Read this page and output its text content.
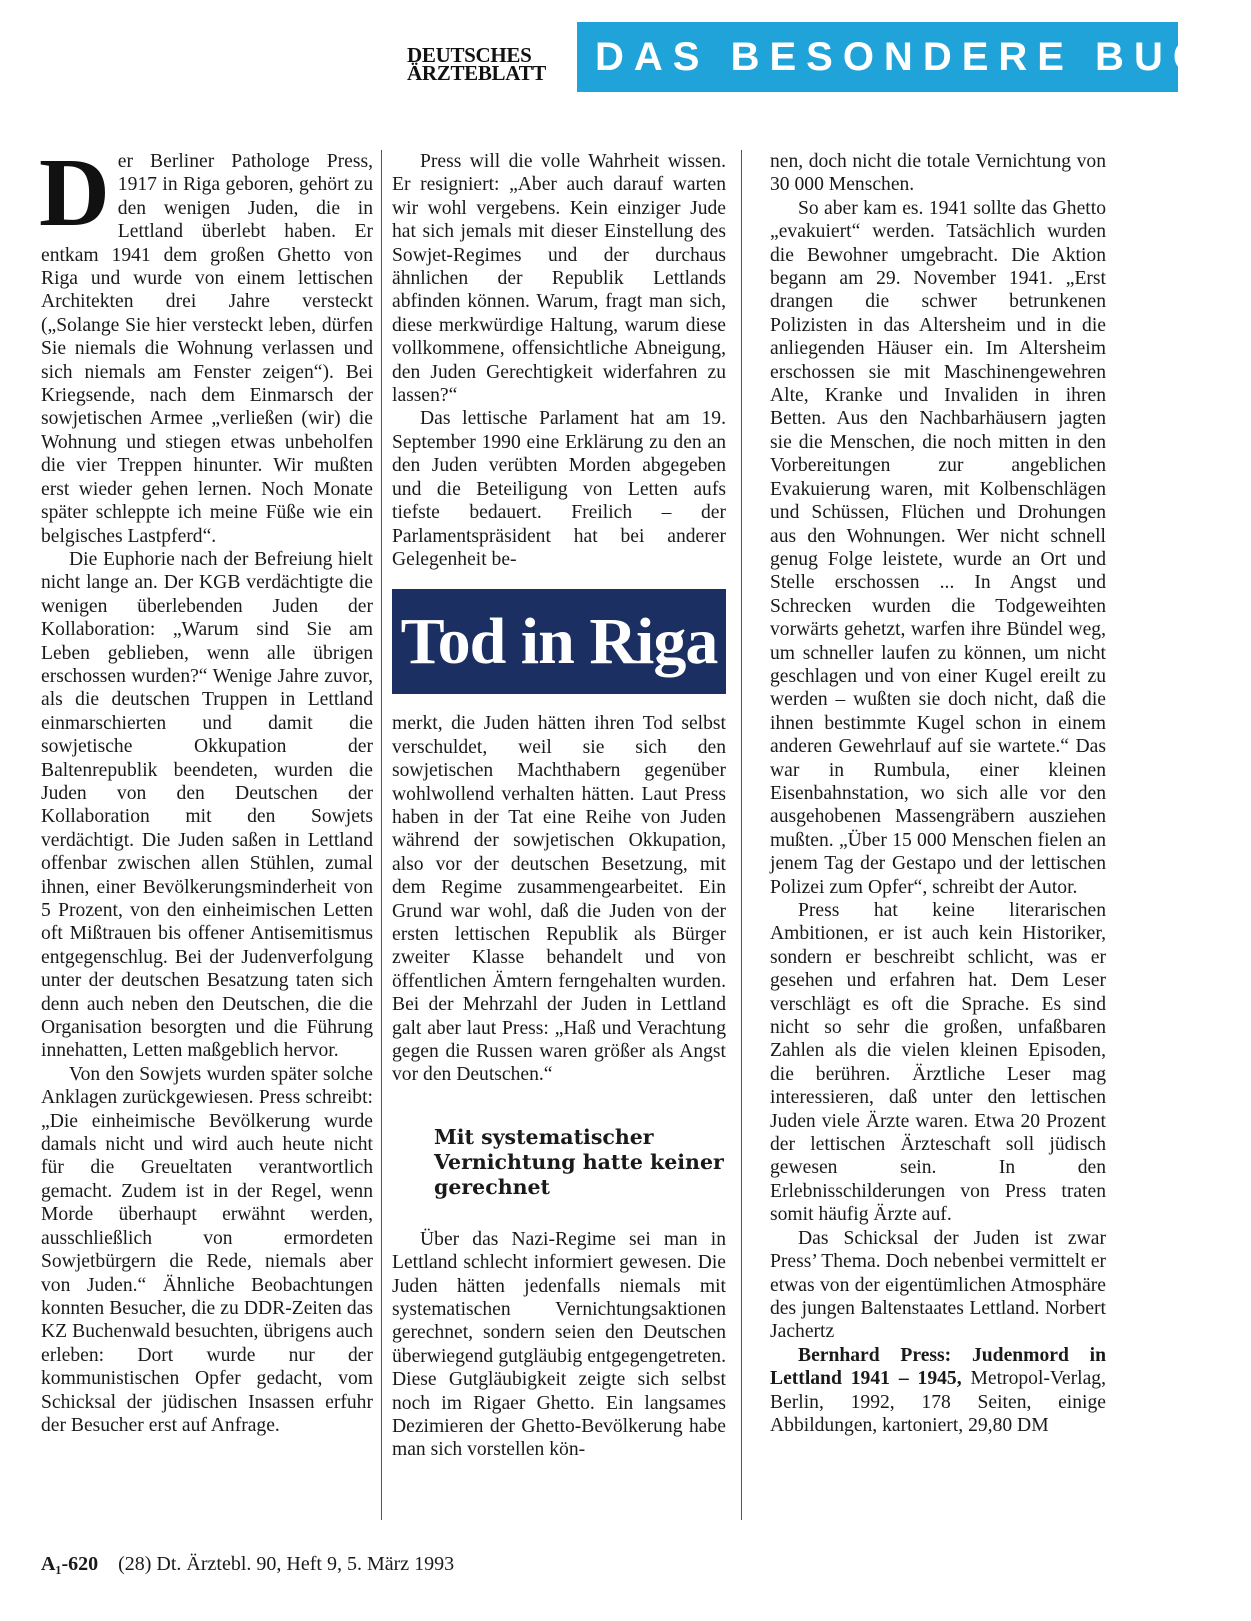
DEUTSCHES
ÄRZTEBLATT	DAS BESONDERE BUCH

Der Berliner Pathologe Press, 1917 in Riga geboren, gehört zu den wenigen Juden, die in Lettland überlebt haben. Er entkam 1941 dem großen Ghetto von Riga und wurde von einem lettischen Architekten drei Jahre versteckt („Solange Sie hier versteckt leben, dürfen Sie niemals die Wohnung verlassen und sich niemals am Fenster zeigen“). Bei Kriegsende, nach dem Einmarsch der sowjetischen Armee „verließen (wir) die Wohnung und stiegen etwas unbeholfen die vier Treppen hinunter. Wir mußten erst wieder gehen lernen. Noch Monate später schleppte ich meine Füße wie ein belgisches Lastpferd“.

Die Euphorie nach der Befreiung hielt nicht lange an. Der KGB verdächtigte die wenigen überlebenden Juden der Kollaboration: „Warum sind Sie am Leben geblieben, wenn alle übrigen erschossen wurden?“ Wenige Jahre zuvor, als die deutschen Truppen in Lettland einmarschierten und damit die sowjetische Okkupation der Baltenrepublik beendeten, wurden die Juden von den Deutschen der Kollaboration mit den Sowjets verdächtigt. Die Juden saßen in Lettland offenbar zwischen allen Stühlen, zumal ihnen, einer Bevölkerungsminderheit von 5 Prozent, von den einheimischen Letten oft Mißtrauen bis offener Antisemitismus entgegenschlug. Bei der Judenverfolgung unter der deutschen Besatzung taten sich denn auch neben den Deutschen, die die Organisation besorgten und die Führung innehatten, Letten maßgeblich hervor.

Von den Sowjets wurden später solche Anklagen zurückgewiesen. Press schreibt: „Die einheimische Bevölkerung wurde damals nicht und wird auch heute nicht für die Greueltaten verantwortlich gemacht. Zudem ist in der Regel, wenn Morde überhaupt erwähnt werden, ausschließlich von ermordeten Sowjetbürgern die Rede, niemals aber von Juden.“ Ähnliche Beobachtungen konnten Besucher, die zu DDR-Zeiten das KZ Buchenwald besuchten, übrigens auch erleben: Dort wurde nur der kommunistischen Opfer gedacht, vom Schicksal der jüdischen Insassen erfuhr der Besucher erst auf Anfrage.

Press will die volle Wahrheit wissen. Er resigniert: „Aber auch darauf warten wir wohl vergebens. Kein einziger Jude hat sich jemals mit dieser Einstellung des Sowjet-Regimes und der durchaus ähnlichen der Republik Lettlands abfinden können. Warum, fragt man sich, diese merkwürdige Haltung, warum diese vollkommene, offensichtliche Abneigung, den Juden Gerechtigkeit widerfahren zu lassen?“

Das lettische Parlament hat am 19. September 1990 eine Erklärung zu den an den Juden verübten Morden abgegeben und die Beteiligung von Letten aufs tiefste bedauert. Freilich – der Parlamentspräsident hat bei anderer Gelegenheit be-

Tod in Riga

merkt, die Juden hätten ihren Tod selbst verschuldet, weil sie sich den sowjetischen Machthabern gegenüber wohlwollend verhalten hätten. Laut Press haben in der Tat eine Reihe von Juden während der sowjetischen Okkupation, also vor der deutschen Besetzung, mit dem Regime zusammengearbeitet. Ein Grund war wohl, daß die Juden von der ersten lettischen Republik als Bürger zweiter Klasse behandelt und von öffentlichen Ämtern ferngehalten wurden. Bei der Mehrzahl der Juden in Lettland galt aber laut Press: „Haß und Verachtung gegen die Russen waren größer als Angst vor den Deutschen.“

Mit systematischer Vernichtung hatte keiner gerechnet

Über das Nazi-Regime sei man in Lettland schlecht informiert gewesen. Die Juden hätten jedenfalls niemals mit systematischen Vernichtungsaktionen gerechnet, sondern seien den Deutschen überwiegend gutgläubig entgegengetreten. Diese Gutgläubigkeit zeigte sich selbst noch im Rigaer Ghetto. Ein langsames Dezimieren der Ghetto-Bevölkerung habe man sich vorstellen kön-

nen, doch nicht die totale Vernichtung von 30 000 Menschen.

So aber kam es. 1941 sollte das Ghetto „evakuiert“ werden. Tatsächlich wurden die Bewohner umgebracht. Die Aktion begann am 29. November 1941. „Erst drangen die schwer betrunkenen Polizisten in das Altersheim und in die anliegenden Häuser ein. Im Altersheim erschossen sie mit Maschinengewehren Alte, Kranke und Invaliden in ihren Betten. Aus den Nachbarhäusern jagten sie die Menschen, die noch mitten in den Vorbereitungen zur angeblichen Evakuierung waren, mit Kolbenschlägen und Schüssen, Flüchen und Drohungen aus den Wohnungen. Wer nicht schnell genug Folge leistete, wurde an Ort und Stelle erschossen ... In Angst und Schrecken wurden die Todgeweihten vorwärts gehetzt, warfen ihre Bündel weg, um schneller laufen zu können, um nicht geschlagen und von einer Kugel ereilt zu werden – wußten sie doch nicht, daß die ihnen bestimmte Kugel schon in einem anderen Gewehrlauf auf sie wartete.“ Das war in Rumbula, einer kleinen Eisenbahnstation, wo sich alle vor den ausgehobenen Massengräbern ausziehen mußten. „Über 15 000 Menschen fielen an jenem Tag der Gestapo und der lettischen Polizei zum Opfer“, schreibt der Autor.

Press hat keine literarischen Ambitionen, er ist auch kein Historiker, sondern er beschreibt schlicht, was er gesehen und erfahren hat. Dem Leser verschlägt es oft die Sprache. Es sind nicht so sehr die großen, unfaßbaren Zahlen als die vielen kleinen Episoden, die berühren. Ärztliche Leser mag interessieren, daß unter den lettischen Juden viele Ärzte waren. Etwa 20 Prozent der lettischen Ärzteschaft soll jüdisch gewesen sein. In den Erlebnisschilderungen von Press traten somit häufig Ärzte auf.

Das Schicksal der Juden ist zwar Press’ Thema. Doch nebenbei vermittelt er etwas von der eigentümlichen Atmosphäre des jungen Baltenstaates Lettland. Norbert Jachertz

Bernhard Press: Judenmord in Lettland 1941 – 1945, Metropol-Verlag, Berlin, 1992, 178 Seiten, einige Abbildungen, kartoniert, 29,80 DM

A₁-620 (28) Dt. Ärztebl. 90, Heft 9, 5. März 1993
